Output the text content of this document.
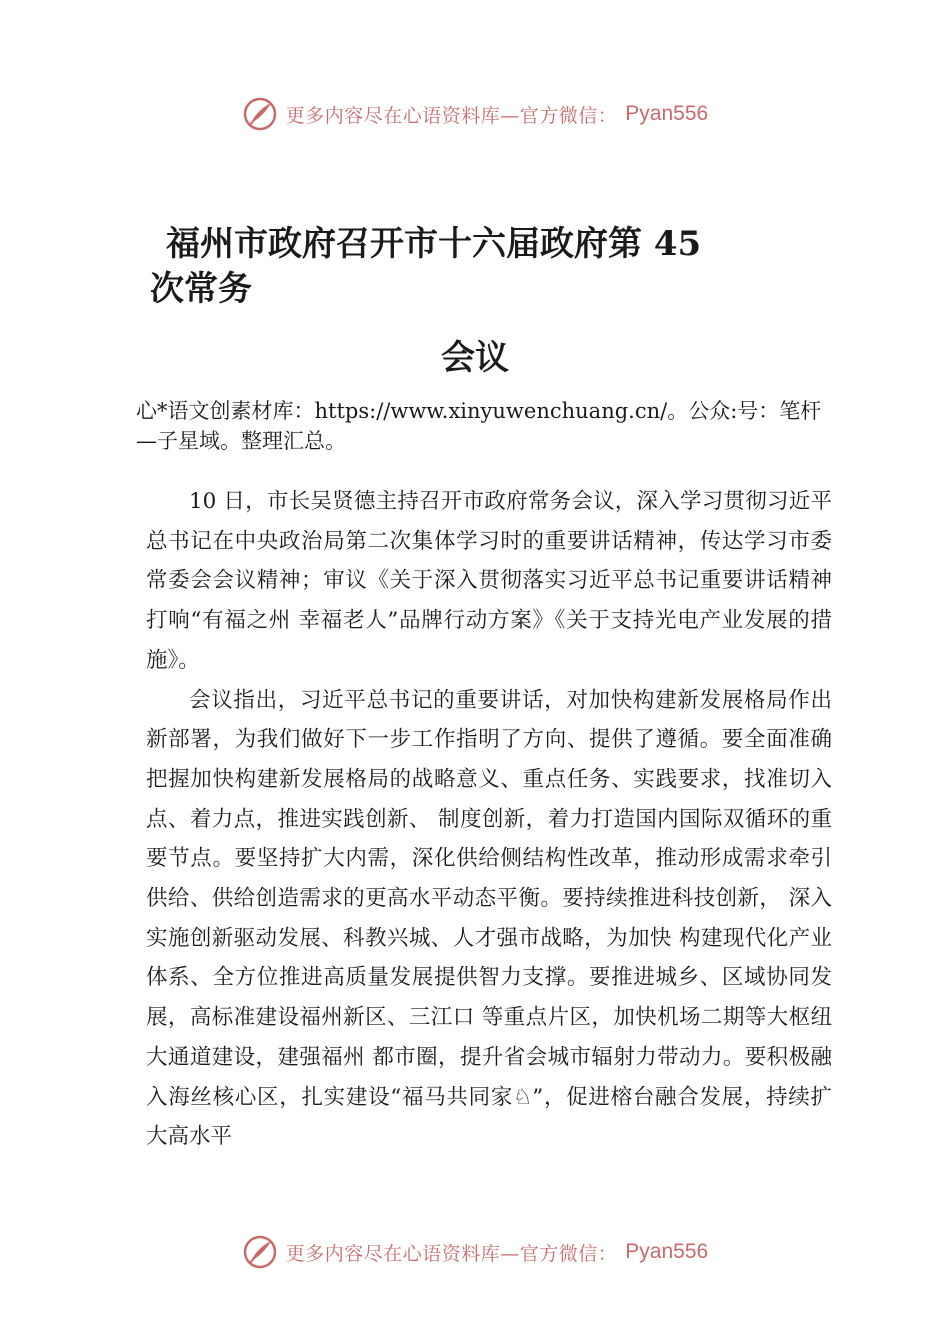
更多内容尽在心语资料库—官方微信： Pyan556
福州市政府召开市十六届政府第 45
次常务
会议
心*语文创素材库：https://www.xinyuwenchuang.cn/。公众:号：笔杆—子星域。整理汇总。

10 日，市长吴贤德主持召开市政府常务会议，深入学习贯彻习近平总书记在中央政治局第二次集体学习时的重要讲话精神，传达学习市委常委会会议精神；审议《关于深入贯彻落实习近平总书记重要讲话精神 打响“有福之州 幸福老人”品牌行动方案》《关于支持光电产业发展的措施》。

会议指出，习近平总书记的重要讲话，对加快构建新发展格局作出新部署，为我们做好下一步工作指明了方向、提供了遵循。要全面准确把握加快构建新发展格局的战略意义、重点任务、实践要求，找准切入点、着力点，推进实践创新、 制度创新，着力打造国内国际双循环的重要节点。要坚持扩大内需，深化供给侧结构性改革，推动形成需求牵引供给、供给创造需求的更高水平动态平衡。要持续推进科技创新， 深入实施创新驱动发展、科教兴城、人才强市战略，为加快 构建现代化产业体系、全方位推进高质量发展提供智力支撑。要推进城乡、区域协同发展，高标准建设福州新区、三江口 等重点片区，加快机场二期等大枢纽大通道建设，建强福州 都市圈，提升省会城市辐射力带动力。要积极融入海丝核心区，扎实建设“福马共同家♘”，促进榕台融合发展，持续扩 大高水平

更多内容尽在心语资料库—官方微信： Pyan556
